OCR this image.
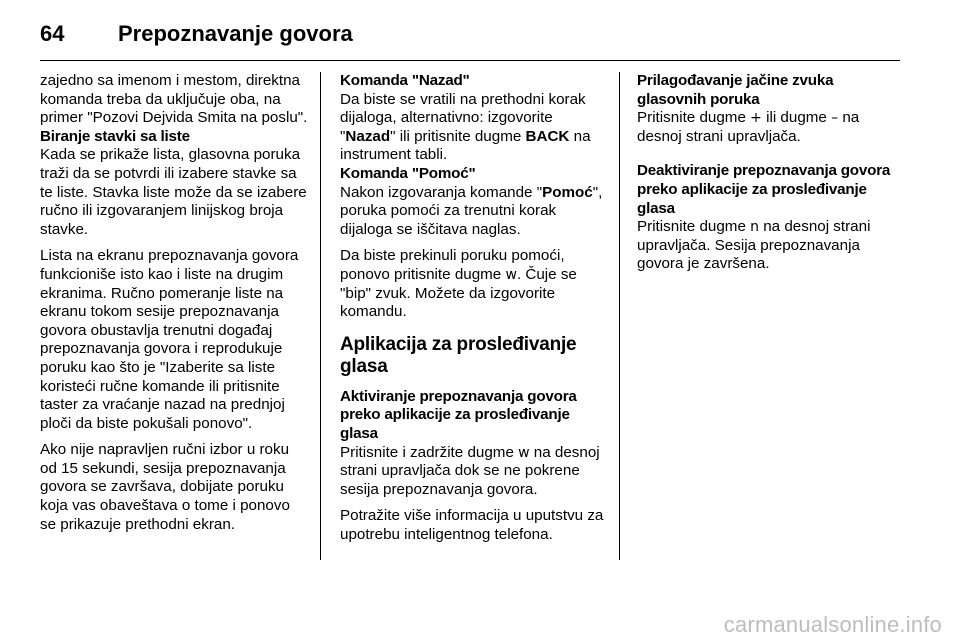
64	Prepoznavanje govora

zajedno sa imenom i mestom, direktna komanda treba da uključuje oba, na primer "Pozovi Dejvida Smita na poslu".

Biranje stavki sa liste

Kada se prikaže lista, glasovna poruka traži da se potvrdi ili izabere stavke sa te liste. Stavka liste može da se izabere ručno ili izgovaranjem linijskog broja stavke.

Lista na ekranu prepoznavanja govora funkcioniše isto kao i liste na drugim ekranima. Ručno pomeranje liste na ekranu tokom sesije prepoznavanja govora obustavlja trenutni događaj prepoznavanja govora i reprodukuje poruku kao što je "Izaberite sa liste koristeći ručne komande ili pritisnite taster za vraćanje nazad na prednjoj ploči da biste pokušali ponovo".

Ako nije napravljen ručni izbor u roku od 15 sekundi, sesija prepoznavanja govora se završava, dobijate poruku koja vas obaveštava o tome i ponovo se prikazuje prethodni ekran.

Komanda "Nazad"

Da biste se vratili na prethodni korak dijaloga, alternativno: izgovorite "Nazad" ili pritisnite dugme BACK na instrument tabli.

Komanda "Pomoć"

Nakon izgovaranja komande "Pomoć", poruka pomoći za trenutni korak dijaloga se iščitava naglas.

Da biste prekinuli poruku pomoći, ponovo pritisnite dugme w. Čuje se "bip" zvuk. Možete da izgovorite komandu.

Aplikacija za prosleđivanje glasa
Aktiviranje prepoznavanja govora preko aplikacije za prosleđivanje glasa

Pritisnite i zadržite dugme w na desnoj strani upravljača dok se ne pokrene sesija prepoznavanja govora.

Potražite više informacija u uputstvu za upotrebu inteligentnog telefona.

Prilagođavanje jačine zvuka glasovnih poruka

Pritisnite dugme + ili dugme – na desnoj strani upravljača.

Deaktiviranje prepoznavanja govora preko aplikacije za prosleđivanje glasa

Pritisnite dugme n na desnoj strani upravljača. Sesija prepoznavanja govora je završena.

carmanualsonline.info
